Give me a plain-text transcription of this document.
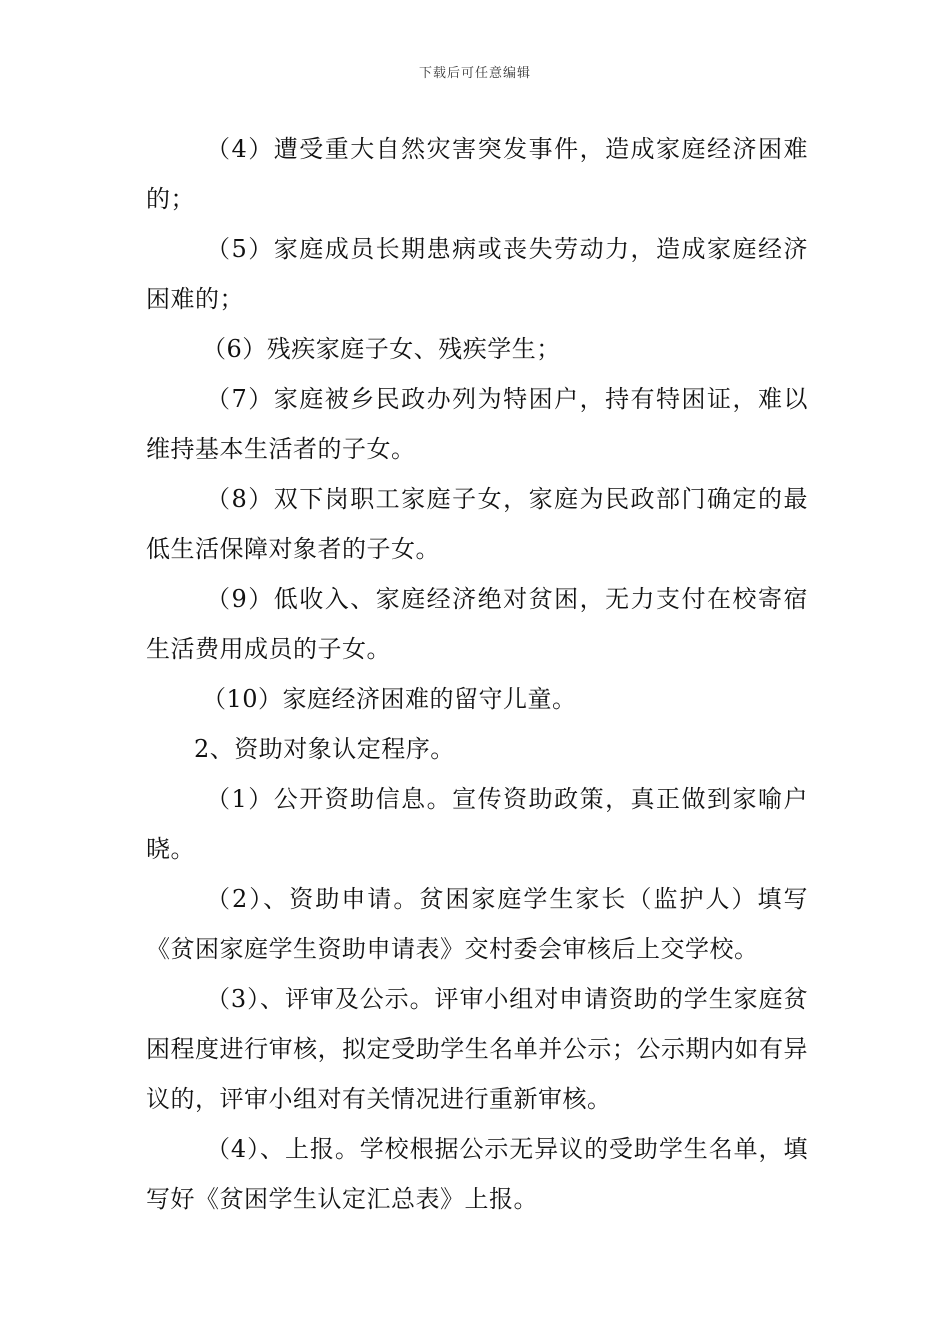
下载后可任意编辑

（4）遭受重大自然灾害突发事件，造成家庭经济困难的；

（5）家庭成员长期患病或丧失劳动力，造成家庭经济困难的；

（6）残疾家庭子女、残疾学生；

（7）家庭被乡民政办列为特困户，持有特困证，难以维持基本生活者的子女。

（8）双下岗职工家庭子女，家庭为民政部门确定的最低生活保障对象者的子女。

（9）低收入、家庭经济绝对贫困，无力支付在校寄宿生活费用成员的子女。

（10）家庭经济困难的留守儿童。

2、资助对象认定程序。

（1）公开资助信息。宣传资助政策，真正做到家喻户晓。

（2）、资助申请。贫困家庭学生家长（监护人）填写《贫困家庭学生资助申请表》交村委会审核后上交学校。

（3）、评审及公示。评审小组对申请资助的学生家庭贫困程度进行审核，拟定受助学生名单并公示；公示期内如有异议的，评审小组对有关情况进行重新审核。

（4）、上报。学校根据公示无异议的受助学生名单，填写好《贫困学生认定汇总表》上报。
